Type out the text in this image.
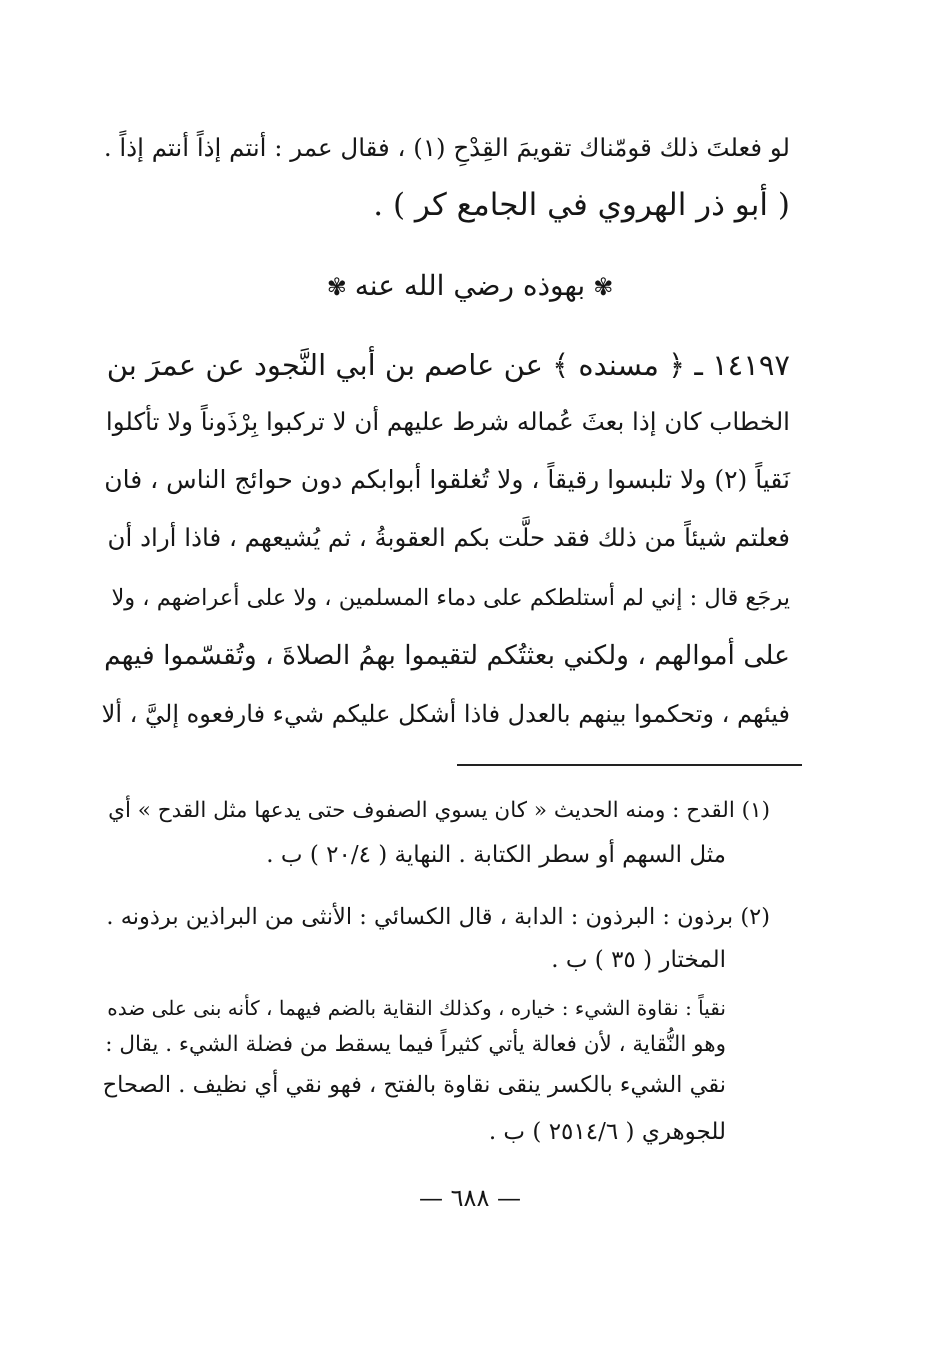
لو فعلتَ ذلك قومّناك تقويمَ القِدْحِ (١) ، فقال عمر : أنتم إذاً أنتم إذاً .

( أبو ذر الهروي في الجامع كر ) .

✾بهوذه رضي الله عنه✾

١٤١٩٧ ـ ﴿ مسنده ﴾ عن عاصم بن أبي النَّجود عن عمرَ بن

الخطاب كان إذا بعثَ عُماله شرط عليهم أن لا تركبوا بِرْذَوناً ولا تأكلوا

نَقياً (٢) ولا تلبسوا رقيقاً ، ولا تُغلقوا أبوابكم دون حوائج الناس ، فان

فعلتم شيئاً من ذلك فقد حلَّت بكم العقوبةُ ، ثم يُشيعهم ، فاذا أراد أن

يرجَع قال : إني لم أستلطكم على دماء المسلمين ، ولا على أعراضهم ، ولا

على أموالهم ، ولكني بعثتُكم لتقيموا بهمُ الصلاةَ ، وتُقسّموا فيهم

فيئهم ، وتحكموا بينهم بالعدل فاذا أشكل عليكم شيء فارفعوه إليَّ ، ألا

(١) القدح : ومنه الحديث « كان يسوي الصفوف حتى يدعها مثل القدح » أي

مثل السهم أو سطر الكتابة . النهاية ( ٢٠/٤ ) ب .

(٢) برذون : البرذون : الدابة ، قال الكسائي : الأنثى من البراذين برذونه .

المختار ( ٣٥ ) ب .

نقياً : نقاوة الشيء : خياره ، وكذلك النقاية بالضم فيهما ، كأنه بنى على ضده

وهو النُّقاية ، لأن فعالة يأتي كثيراً فيما يسقط من فضلة الشيء . يقال :

نقي الشيء بالكسر ينقى نقاوة بالفتح ، فهو نقي أي نظيف . الصحاح

للجوهري ( ٢٥١٤/٦ ) ب .

— ٦٨٨ —
